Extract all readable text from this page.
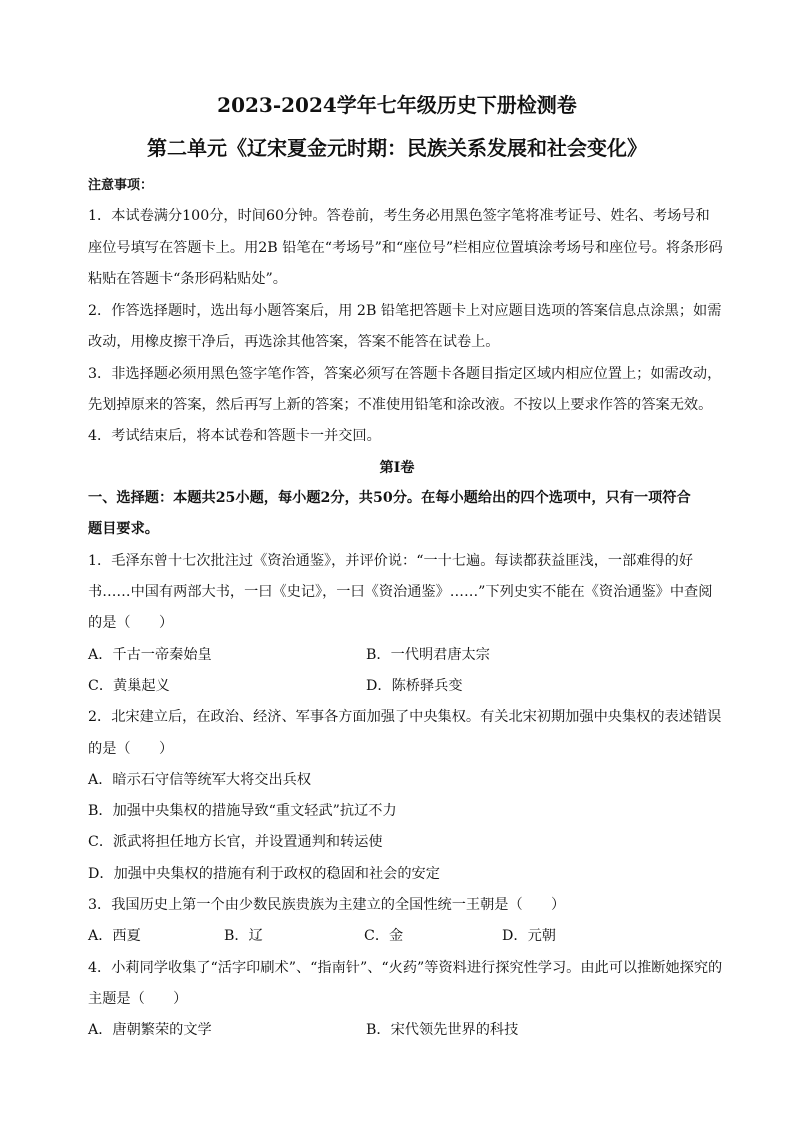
2023-2024学年七年级历史下册检测卷
第二单元《辽宋夏金元时期：民族关系发展和社会变化》
注意事项：
1．本试卷满分100分，时间60分钟。答卷前，考生务必用黑色签字笔将准考证号、姓名、考场号和
座位号填写在答题卡上。用2B 铅笔在“考场号”和“座位号”栏相应位置填涂考场号和座位号。将条形码
粘贴在答题卡“条形码粘贴处”。
2．作答选择题时，选出每小题答案后，用 2B 铅笔把答题卡上对应题目选项的答案信息点涂黑；如需
改动，用橡皮擦干净后，再选涂其他答案，答案不能答在试卷上。
3．非选择题必须用黑色签字笔作答，答案必须写在答题卡各题目指定区域内相应位置上；如需改动，
先划掉原来的答案，然后再写上新的答案；不准使用铅笔和涂改液。不按以上要求作答的答案无效。
4．考试结束后，将本试卷和答题卡一并交回。
第Ⅰ卷
一、选择题：本题共25小题，每小题2分，共50分。在每小题给出的四个选项中，只有一项符合
题目要求。
1．毛泽东曾十七次批注过《资治通鉴》，并评价说：“一十七遍。每读都获益匪浅，一部难得的好
书……中国有两部大书，一曰《史记》，一曰《资治通鉴》……”下列史实不能在《资治通鉴》中查阅
的是（　　）
A．千古一帝秦始皇	B．一代明君唐太宗
C．黄巢起义	D．陈桥驿兵变
2．北宋建立后，在政治、经济、军事各方面加强了中央集权。有关北宋初期加强中央集权的表述错误
的是（　　）
A．暗示石守信等统军大将交出兵权
B．加强中央集权的措施导致“重文轻武”抗辽不力
C．派武将担任地方长官，并设置通判和转运使
D．加强中央集权的措施有利于政权的稳固和社会的安定
3．我国历史上第一个由少数民族贵族为主建立的全国性统一王朝是（　　）
A．西夏	B．辽	C．金	D．元朝
4．小莉同学收集了“活字印刷术”、“指南针”、“火药”等资料进行探究性学习。由此可以推断她探究的
主题是（　　）
A．唐朝繁荣的文学	B．宋代领先世界的科技
